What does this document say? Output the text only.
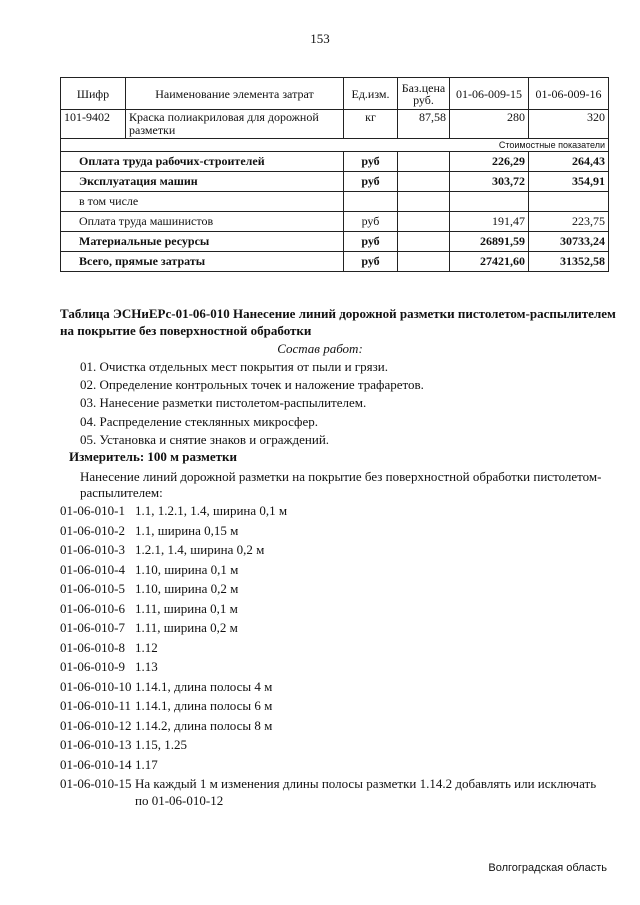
153
Шифр	Наименование элемента затрат	Ед.изм.	Баз.цена руб.	01-06-009-15	01-06-009-16
101-9402	Краска полиакриловая для дорожной разметки	кг	87,58	280	320
Стоимостные показатели					
Оплата труда рабочих-строителей		руб		226,29	264,43
Эксплуатация машин		руб		303,72	354,91
в том числе					
Оплата труда машинистов		руб		191,47	223,75
Материальные ресурсы		руб		26891,59	30733,24
Всего, прямые затраты		руб		27421,60	31352,58
Таблица ЭСНиЕРс-01-06-010 Нанесение линий дорожной разметки пистолетом-распылителем на покрытие без поверхностной обработки
Состав работ:
01. Очистка отдельных мест покрытия от пыли и грязи.
02. Определение контрольных точек и наложение трафаретов.
03. Нанесение разметки пистолетом-распылителем.
04. Распределение стеклянных микросфер.
05. Установка и снятие знаков и ограждений.
Измеритель: 100 м разметки
Нанесение линий дорожной разметки на покрытие без поверхностной обработки пистолетом-распылителем:
01-06-010-1 1.1, 1.2.1, 1.4, ширина 0,1 м
01-06-010-2 1.1, ширина 0,15 м
01-06-010-3 1.2.1, 1.4, ширина 0,2 м
01-06-010-4 1.10, ширина 0,1 м
01-06-010-5 1.10, ширина 0,2 м
01-06-010-6 1.11, ширина 0,1 м
01-06-010-7 1.11, ширина 0,2 м
01-06-010-8 1.12
01-06-010-9 1.13
01-06-010-10 1.14.1, длина полосы 4 м
01-06-010-11 1.14.1, длина полосы 6 м
01-06-010-12 1.14.2, длина полосы 8 м
01-06-010-13 1.15, 1.25
01-06-010-14 1.17
01-06-010-15 На каждый 1 м изменения длины полосы разметки 1.14.2 добавлять или исключать по 01-06-010-12
Волгоградская область
